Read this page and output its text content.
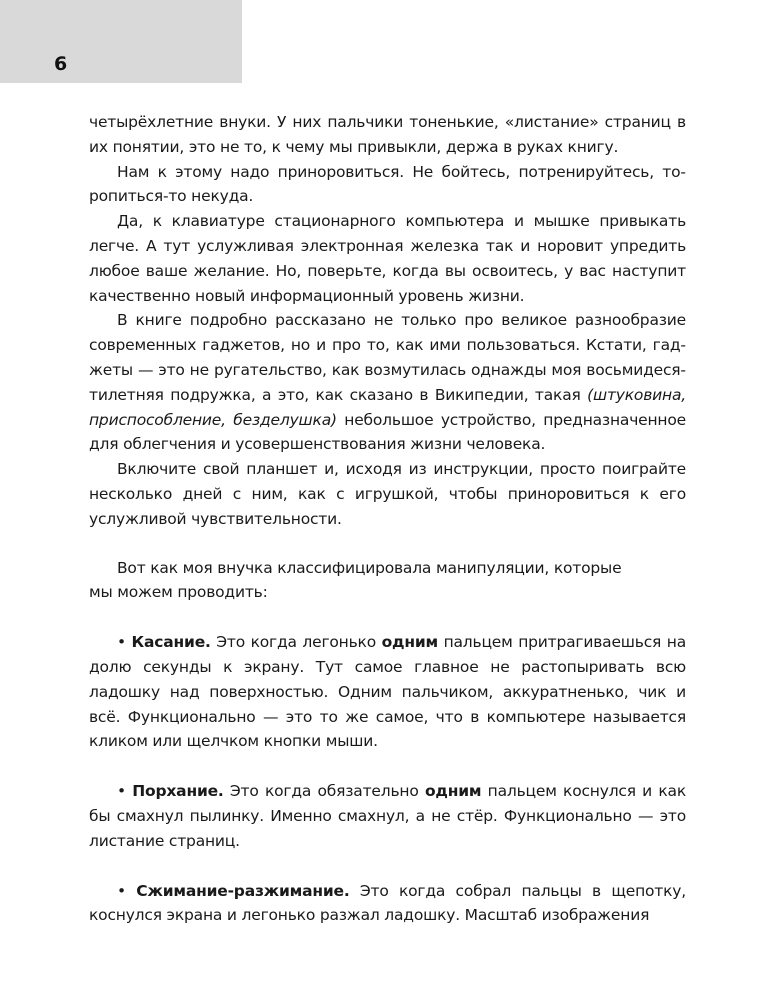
6

четырёхлетние внуки. У них пальчики тоненькие, «листание» страниц в их понятии, это не то, к чему мы привыкли, держа в руках книгу.

Нам к этому надо приноровиться. Не бойтесь, потренируйтесь, торопиться-то некуда.

Да, к клавиатуре стационарного компьютера и мышке привыкать легче. А тут услужливая электронная железка так и норовит упредить любое ваше желание. Но, поверьте, когда вы освоитесь, у вас наступит качественно новый информационный уровень жизни.

В книге подробно рассказано не только про великое разнообразие современных гаджетов, но и про то, как ими пользоваться. Кстати, гаджеты — это не ругательство, как возмутилась однажды моя восьмидесятилетняя подружка, а это, как сказано в Википедии, такая (штуковина, приспособление, безделушка) небольшое устройство, предназначенное для облегчения и усовершенствования жизни человека.

Включите свой планшет и, исходя из инструкции, просто поиграйте несколько дней с ним, как с игрушкой, чтобы приноровиться к его услужливой чувствительности.

Вот как моя внучка классифицировала манипуляции, которые
мы можем проводить:

• Касание. Это когда легонько одним пальцем притрагиваешься на долю секунды к экрану. Тут самое главное не растопыривать всю ладошку над поверхностью. Одним пальчиком, аккуратненько, чик и всё. Функционально — это то же самое, что в компьютере называется кликом или щелчком кнопки мыши.

• Порхание. Это когда обязательно одним пальцем коснулся и как бы смахнул пылинку. Именно смахнул, а не стёр. Функционально — это листание страниц.

• Сжимание-разжимание. Это когда собрал пальцы в щепотку, коснулся экрана и легонько разжал ладошку. Масштаб изображения
